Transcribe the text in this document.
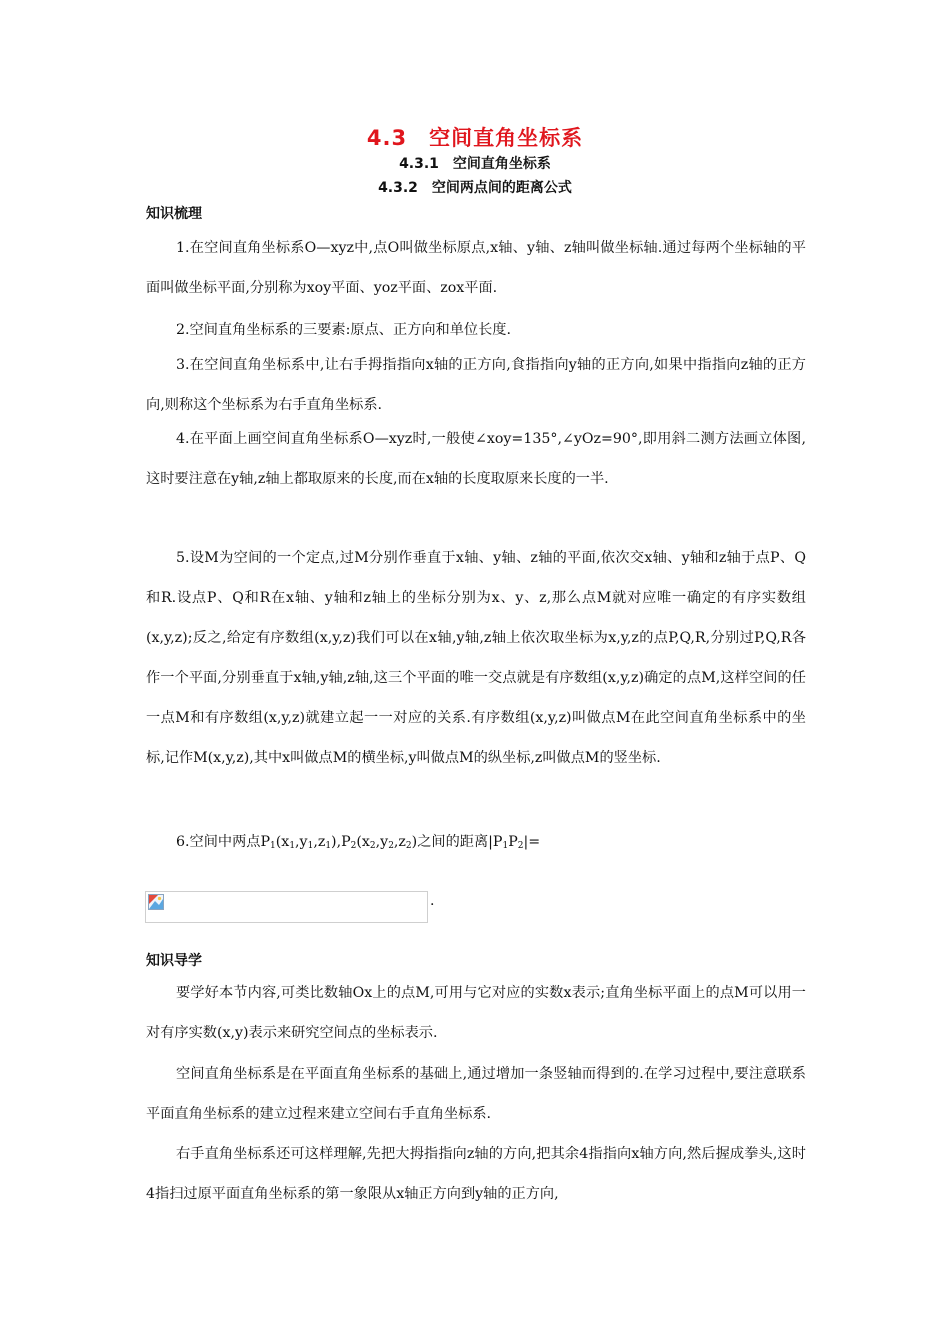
4.3　空间直角坐标系
4.3.1　空间直角坐标系
4.3.2　空间两点间的距离公式
知识梳理

1.在空间直角坐标系O—xyz中,点O叫做坐标原点,x轴、y轴、z轴叫做坐标轴.通过每两个坐标轴的平面叫做坐标平面,分别称为xoy平面、yoz平面、zox平面.

2.空间直角坐标系的三要素:原点、正方向和单位长度.

3.在空间直角坐标系中,让右手拇指指向x轴的正方向,食指指向y轴的正方向,如果中指指向z轴的正方向,则称这个坐标系为右手直角坐标系.

4.在平面上画空间直角坐标系O—xyz时,一般使∠xoy=135°,∠yOz=90°,即用斜二测方法画立体图,这时要注意在y轴,z轴上都取原来的长度,而在x轴的长度取原来长度的一半.

5.设M为空间的一个定点,过M分别作垂直于x轴、y轴、z轴的平面,依次交x轴、y轴和z轴于点P、Q和R.设点P、Q和R在x轴、y轴和z轴上的坐标分别为x、y、z,那么点M就对应唯一确定的有序实数组(x,y,z);反之,给定有序数组(x,y,z)我们可以在x轴,y轴,z轴上依次取坐标为x,y,z的点P,Q,R,分别过P,Q,R各作一个平面,分别垂直于x轴,y轴,z轴,这三个平面的唯一交点就是有序数组(x,y,z)确定的点M,这样空间的任一点M和有序数组(x,y,z)就建立起一一对应的关系.有序数组(x,y,z)叫做点M在此空间直角坐标系中的坐标,记作M(x,y,z),其中x叫做点M的横坐标,y叫做点M的纵坐标,z叫做点M的竖坐标.

6.空间中两点$P_1(x_1,y_1,z_1),P_2(x_2,y_2,z_2)$之间的距离$|P_1P_2|=$

.
知识导学

要学好本节内容,可类比数轴Ox上的点M,可用与它对应的实数x表示;直角坐标平面上的点M可以用一对有序实数(x,y)表示来研究空间点的坐标表示.

空间直角坐标系是在平面直角坐标系的基础上,通过增加一条竖轴而得到的.在学习过程中,要注意联系平面直角坐标系的建立过程来建立空间右手直角坐标系.

右手直角坐标系还可这样理解,先把大拇指指向z轴的方向,把其余4指指向x轴方向,然后握成拳头,这时4指扫过原平面直角坐标系的第一象限从x轴正方向到y轴的正方向,
